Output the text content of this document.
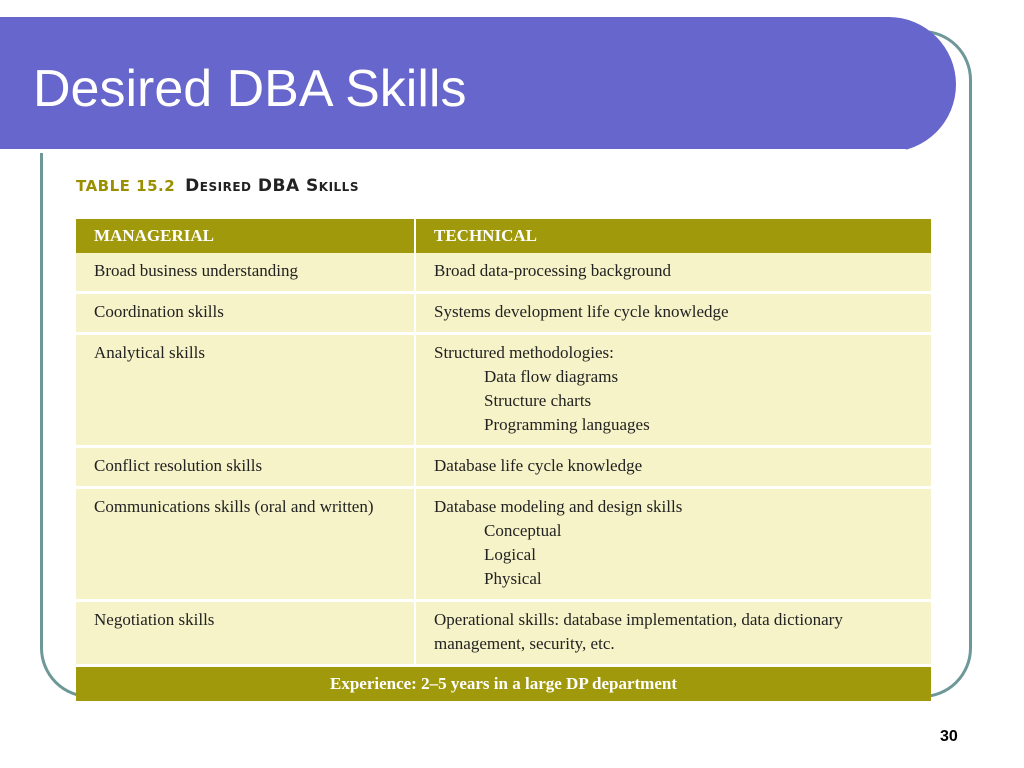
Desired DBA Skills
TABLE 15.2 Desired DBA Skills
MANAGERIAL	TECHNICAL
Broad business understanding	Broad data-processing background
Coordination skills	Systems development life cycle knowledge
Analytical skills	Structured methodologies:
Data flow diagrams
Structure charts
Programming languages

Conflict resolution skills	Database life cycle knowledge
Communications skills (oral and written)	Database modeling and design skills
Conceptual
Logical
Physical

Negotiation skills	Operational skills: database implementation, data dictionary management, security, etc.
Experience: 2–5 years in a large DP department	
30
